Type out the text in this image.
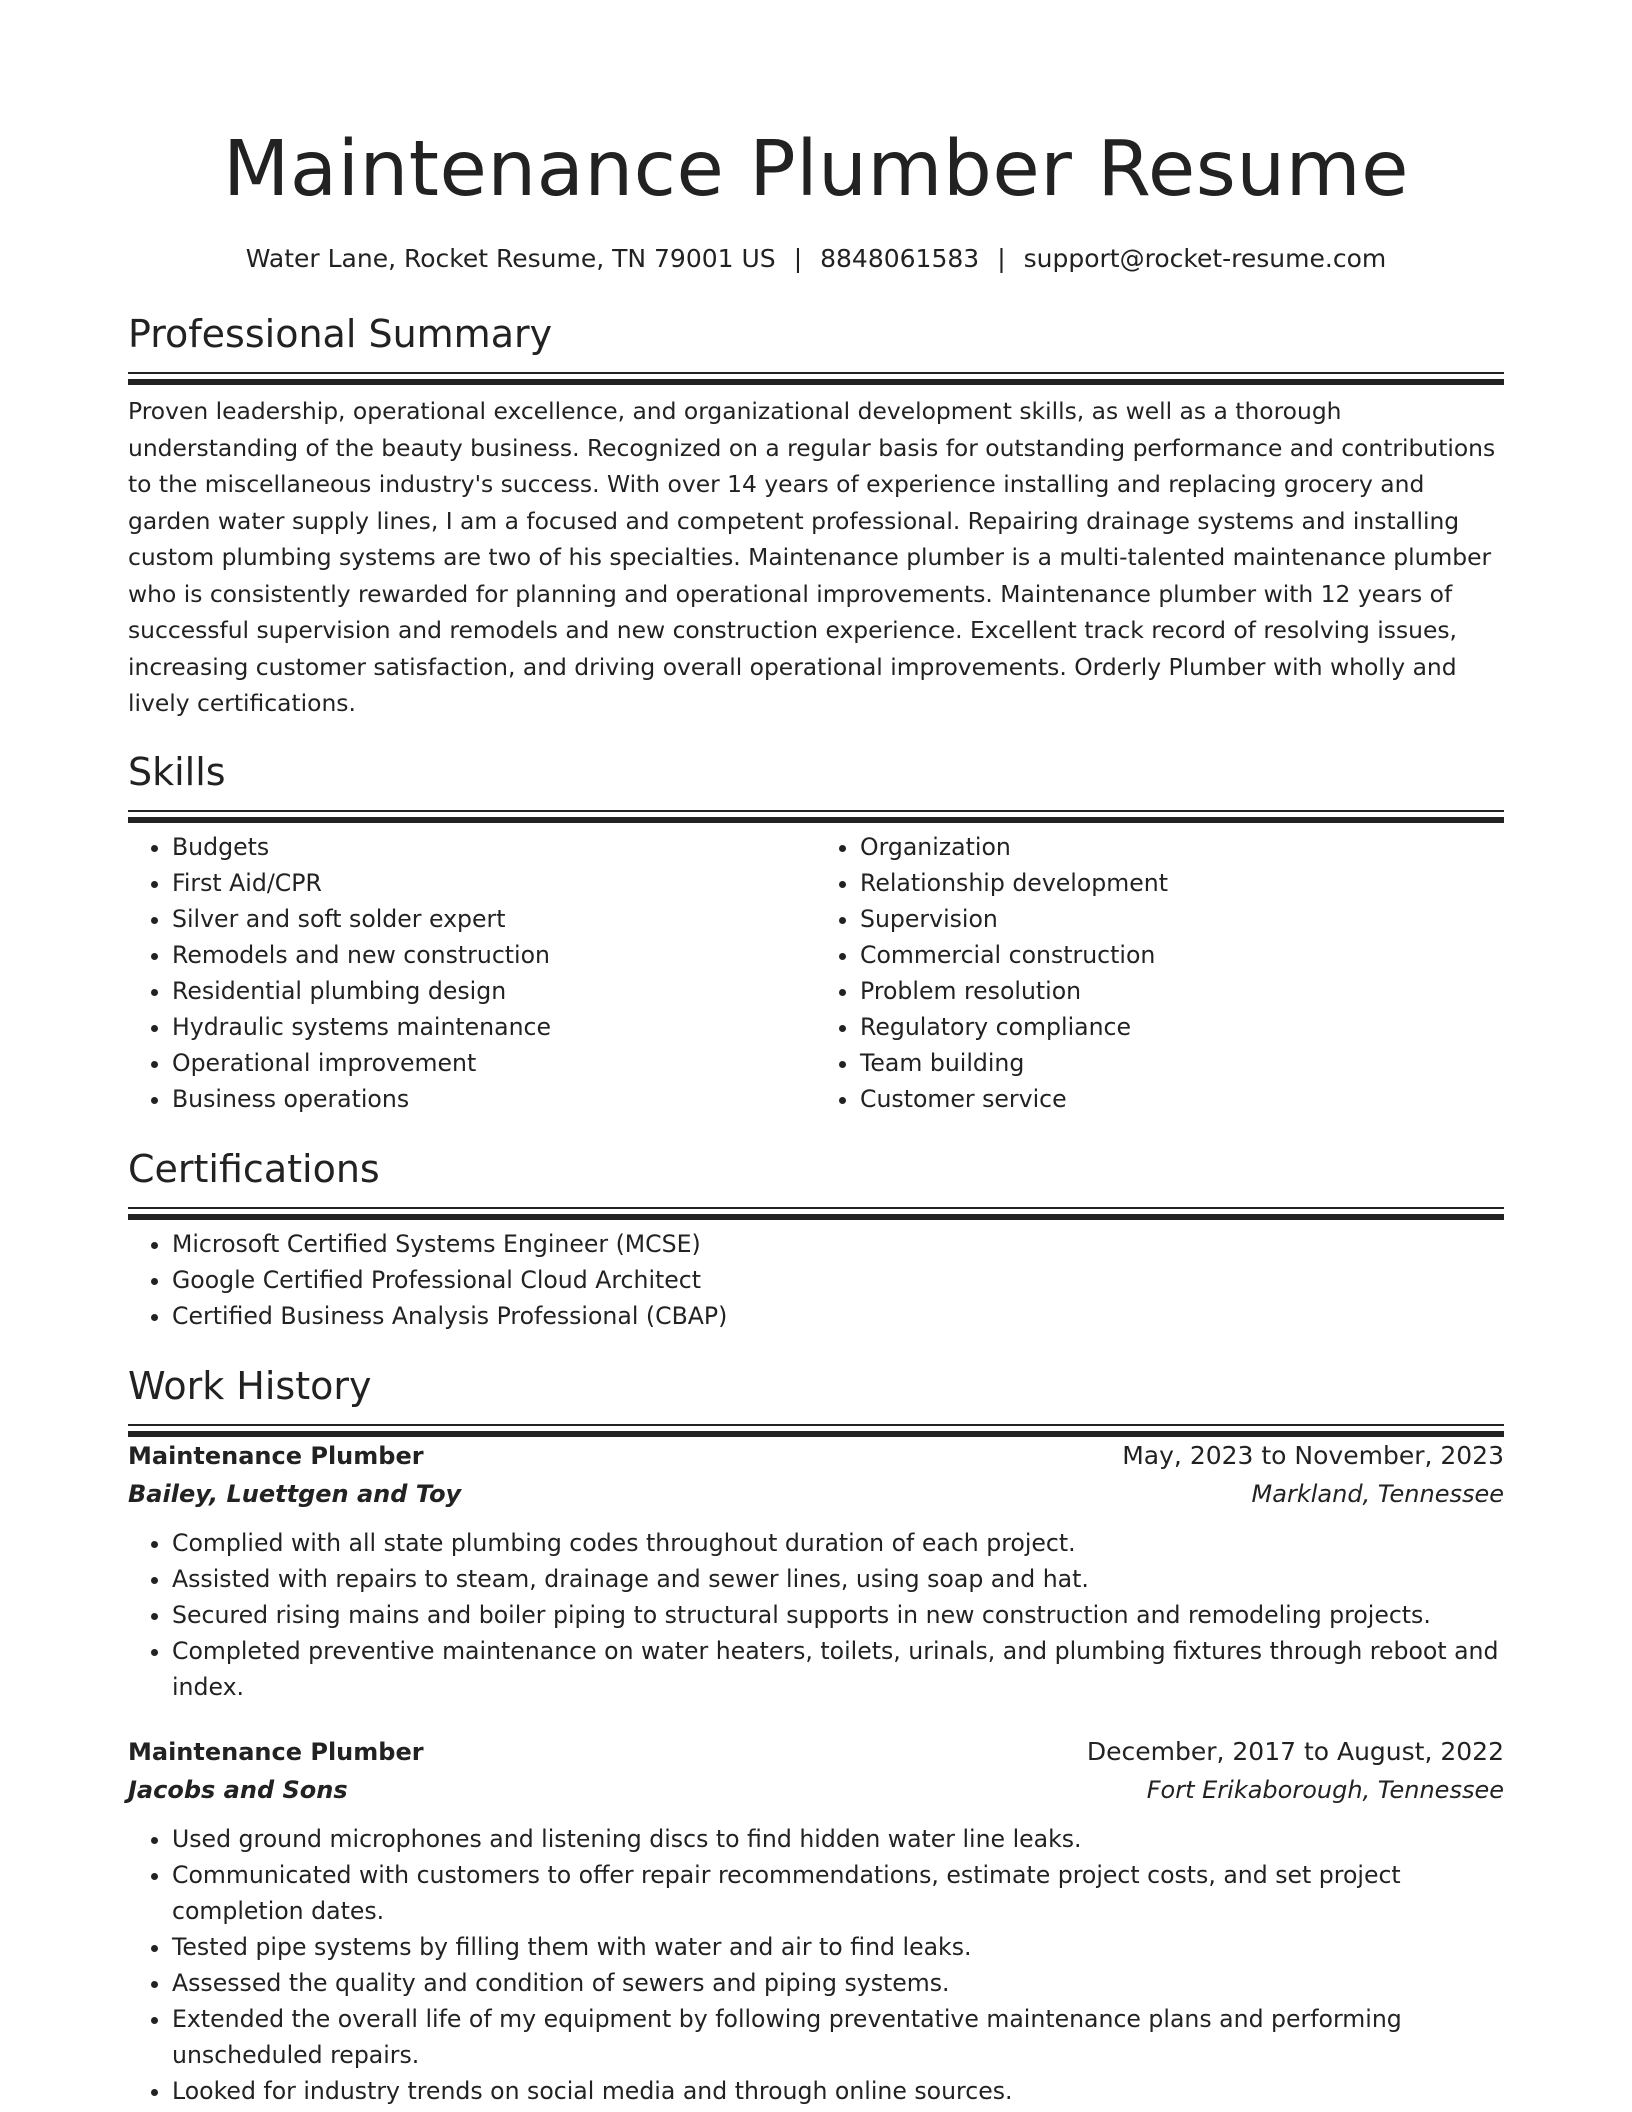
Maintenance Plumber Resume
Water Lane, Rocket Resume, TN 79001 US | 8848061583 | support@rocket-resume.com
Professional Summary

Proven leadership, operational excellence, and organizational development skills, as well as a thorough understanding of the beauty business. Recognized on a regular basis for outstanding performance and contributions to the miscellaneous industry's success. With over 14 years of experience installing and replacing grocery and garden water supply lines, I am a focused and competent professional. Repairing drainage systems and installing custom plumbing systems are two of his specialties. Maintenance plumber is a multi-talented maintenance plumber who is consistently rewarded for planning and operational improvements. Maintenance plumber with 12 years of successful supervision and remodels and new construction experience. Excellent track record of resolving issues, increasing customer satisfaction, and driving overall operational improvements. Orderly Plumber with wholly and lively certifications.

Skills
• Budgets
• First Aid/CPR
• Silver and soft solder expert
• Remodels and new construction
• Residential plumbing design
• Hydraulic systems maintenance
• Operational improvement
• Business operations
• Organization
• Relationship development
• Supervision
• Commercial construction
• Problem resolution
• Regulatory compliance
• Team building
• Customer service
Certifications
• Microsoft Certified Systems Engineer (MCSE)
• Google Certified Professional Cloud Architect
• Certified Business Analysis Professional (CBAP)
Work History
Maintenance Plumber	May, 2023 to November, 2023
Bailey, Luettgen and Toy	Markland, Tennessee
• Complied with all state plumbing codes throughout duration of each project.
• Assisted with repairs to steam, drainage and sewer lines, using soap and hat.
• Secured rising mains and boiler piping to structural supports in new construction and remodeling projects.
• Completed preventive maintenance on water heaters, toilets, urinals, and plumbing fixtures through reboot and index.
Maintenance Plumber	December, 2017 to August, 2022
Jacobs and Sons	Fort Erikaborough, Tennessee
• Used ground microphones and listening discs to find hidden water line leaks.
• Communicated with customers to offer repair recommendations, estimate project costs, and set project completion dates.
• Tested pipe systems by filling them with water and air to find leaks.
• Assessed the quality and condition of sewers and piping systems.
• Extended the overall life of my equipment by following preventative maintenance plans and performing unscheduled repairs.
• Looked for industry trends on social media and through online sources.
